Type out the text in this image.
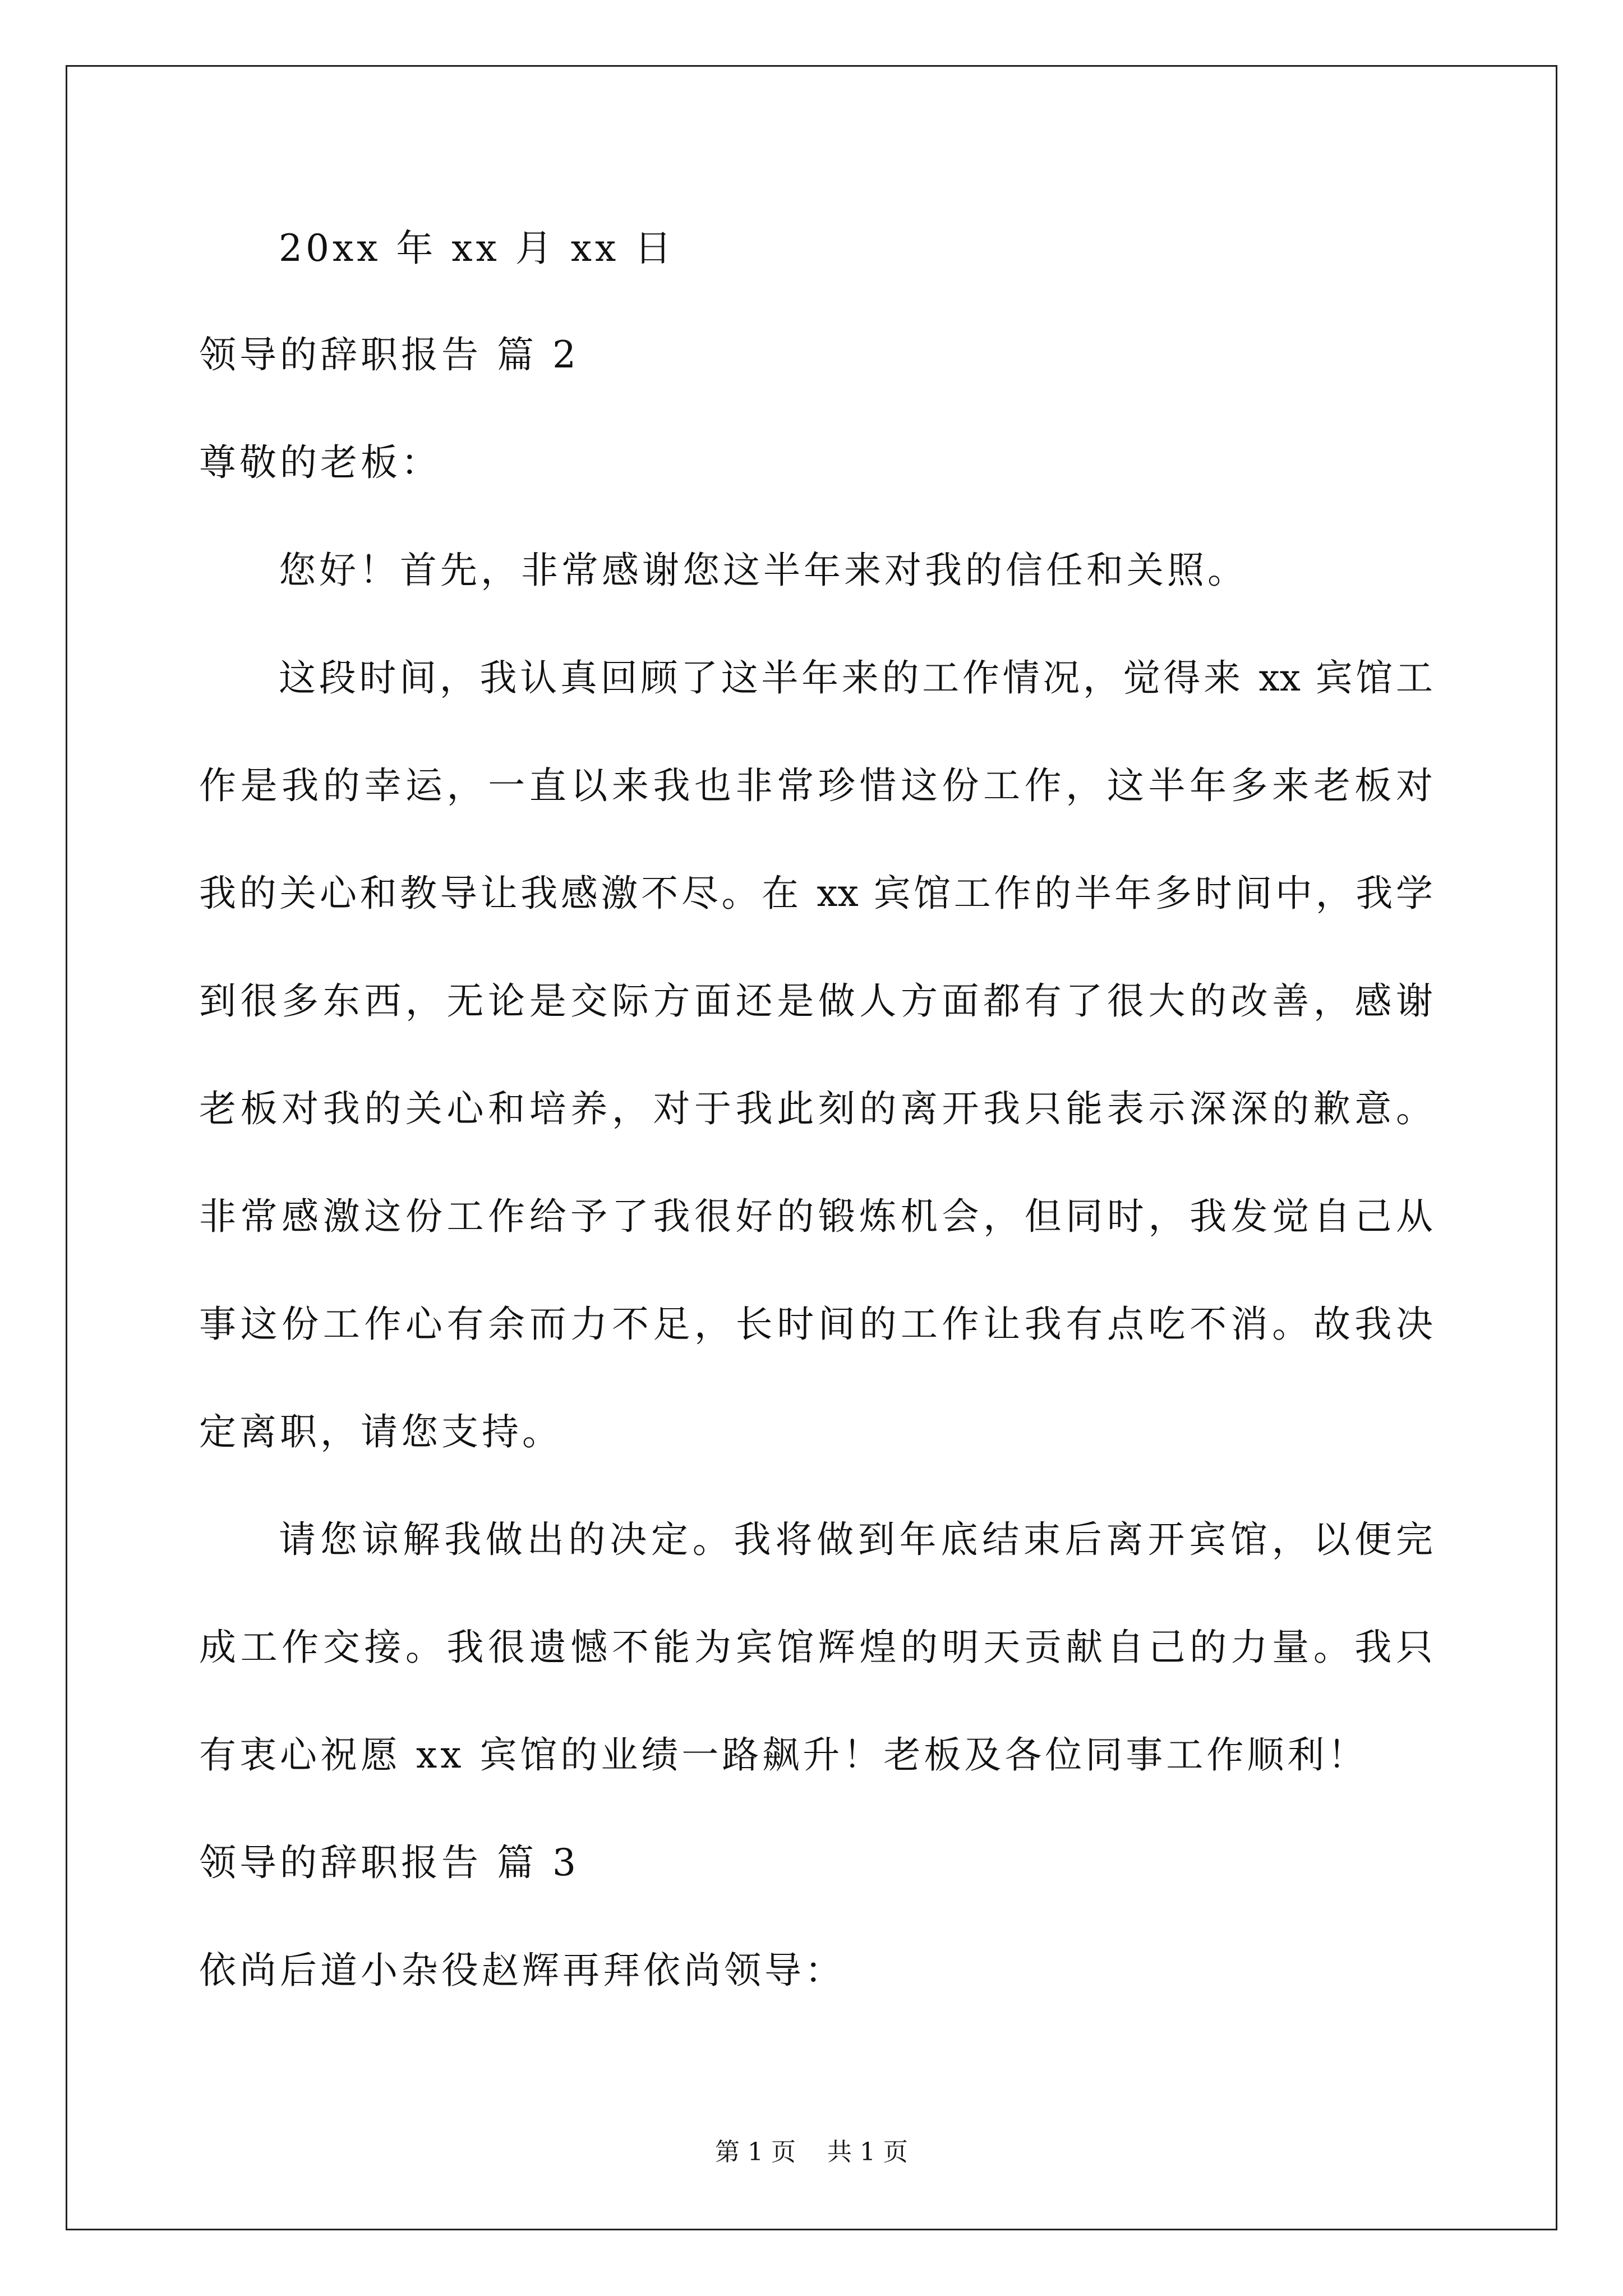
20xx 年 xx 月 xx 日
领导的辞职报告 篇 2
尊敬的老板：
您好！首先，非常感谢您这半年来对我的信任和关照。
这段时间，我认真回顾了这半年来的工作情况，觉得来 xx 宾馆工
作是我的幸运，一直以来我也非常珍惜这份工作，这半年多来老板对
我的关心和教导让我感激不尽。在 xx 宾馆工作的半年多时间中，我学
到很多东西，无论是交际方面还是做人方面都有了很大的改善，感谢
老板对我的关心和培养，对于我此刻的离开我只能表示深深的歉意。
非常感激这份工作给予了我很好的锻炼机会，但同时，我发觉自己从
事这份工作心有余而力不足，长时间的工作让我有点吃不消。故我决
定离职，请您支持。
请您谅解我做出的决定。我将做到年底结束后离开宾馆，以便完
成工作交接。我很遗憾不能为宾馆辉煌的明天贡献自己的力量。我只
有衷心祝愿 xx 宾馆的业绩一路飙升！老板及各位同事工作顺利！
领导的辞职报告 篇 3
依尚后道小杂役赵辉再拜依尚领导：
第 1 页    共 1 页
